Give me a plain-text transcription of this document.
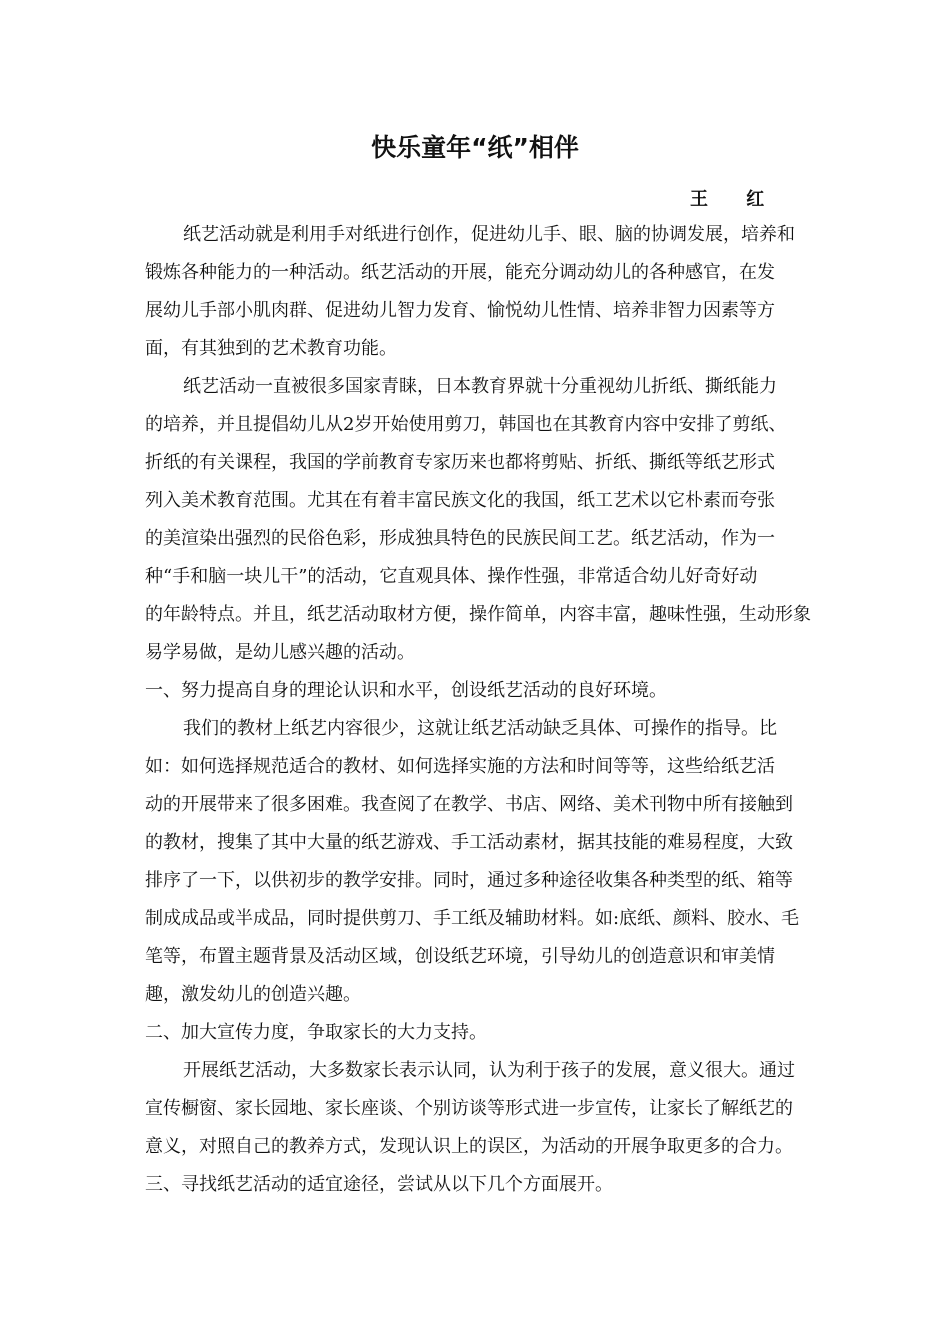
快乐童年“纸”相伴
王 红
纸艺活动就是利用手对纸进行创作，促进幼儿手、眼、脑的协调发展，培养和
锻炼各种能力的一种活动。纸艺活动的开展，能充分调动幼儿的各种感官，在发
展幼儿手部小肌肉群、促进幼儿智力发育、愉悦幼儿性情、培养非智力因素等方
面，有其独到的艺术教育功能。
纸艺活动一直被很多国家青睐，日本教育界就十分重视幼儿折纸、撕纸能力
的培养，并且提倡幼儿从2岁开始使用剪刀，韩国也在其教育内容中安排了剪纸、
折纸的有关课程，我国的学前教育专家历来也都将剪贴、折纸、撕纸等纸艺形式
列入美术教育范围。尤其在有着丰富民族文化的我国，纸工艺术以它朴素而夸张
的美渲染出强烈的民俗色彩，形成独具特色的民族民间工艺。纸艺活动，作为一
种“手和脑一块儿干”的活动，它直观具体、操作性强，非常适合幼儿好奇好动
的年龄特点。并且，纸艺活动取材方便，操作简单，内容丰富，趣味性强，生动形象
易学易做，是幼儿感兴趣的活动。
一、努力提高自身的理论认识和水平，创设纸艺活动的良好环境。
我们的教材上纸艺内容很少，这就让纸艺活动缺乏具体、可操作的指导。比
如：如何选择规范适合的教材、如何选择实施的方法和时间等等，这些给纸艺活
动的开展带来了很多困难。我查阅了在教学、书店、网络、美术刊物中所有接触到
的教材，搜集了其中大量的纸艺游戏、手工活动素材，据其技能的难易程度，大致
排序了一下，以供初步的教学安排。同时，通过多种途径收集各种类型的纸、箱等
制成成品或半成品，同时提供剪刀、手工纸及辅助材料。如:底纸、颜料、胶水、毛
笔等，布置主题背景及活动区域，创设纸艺环境，引导幼儿的创造意识和审美情
趣，激发幼儿的创造兴趣。
二、加大宣传力度，争取家长的大力支持。
开展纸艺活动，大多数家长表示认同，认为利于孩子的发展，意义很大。通过
宣传橱窗、家长园地、家长座谈、个别访谈等形式进一步宣传，让家长了解纸艺的
意义，对照自己的教养方式，发现认识上的误区，为活动的开展争取更多的合力。
三、寻找纸艺活动的适宜途径，尝试从以下几个方面展开。
